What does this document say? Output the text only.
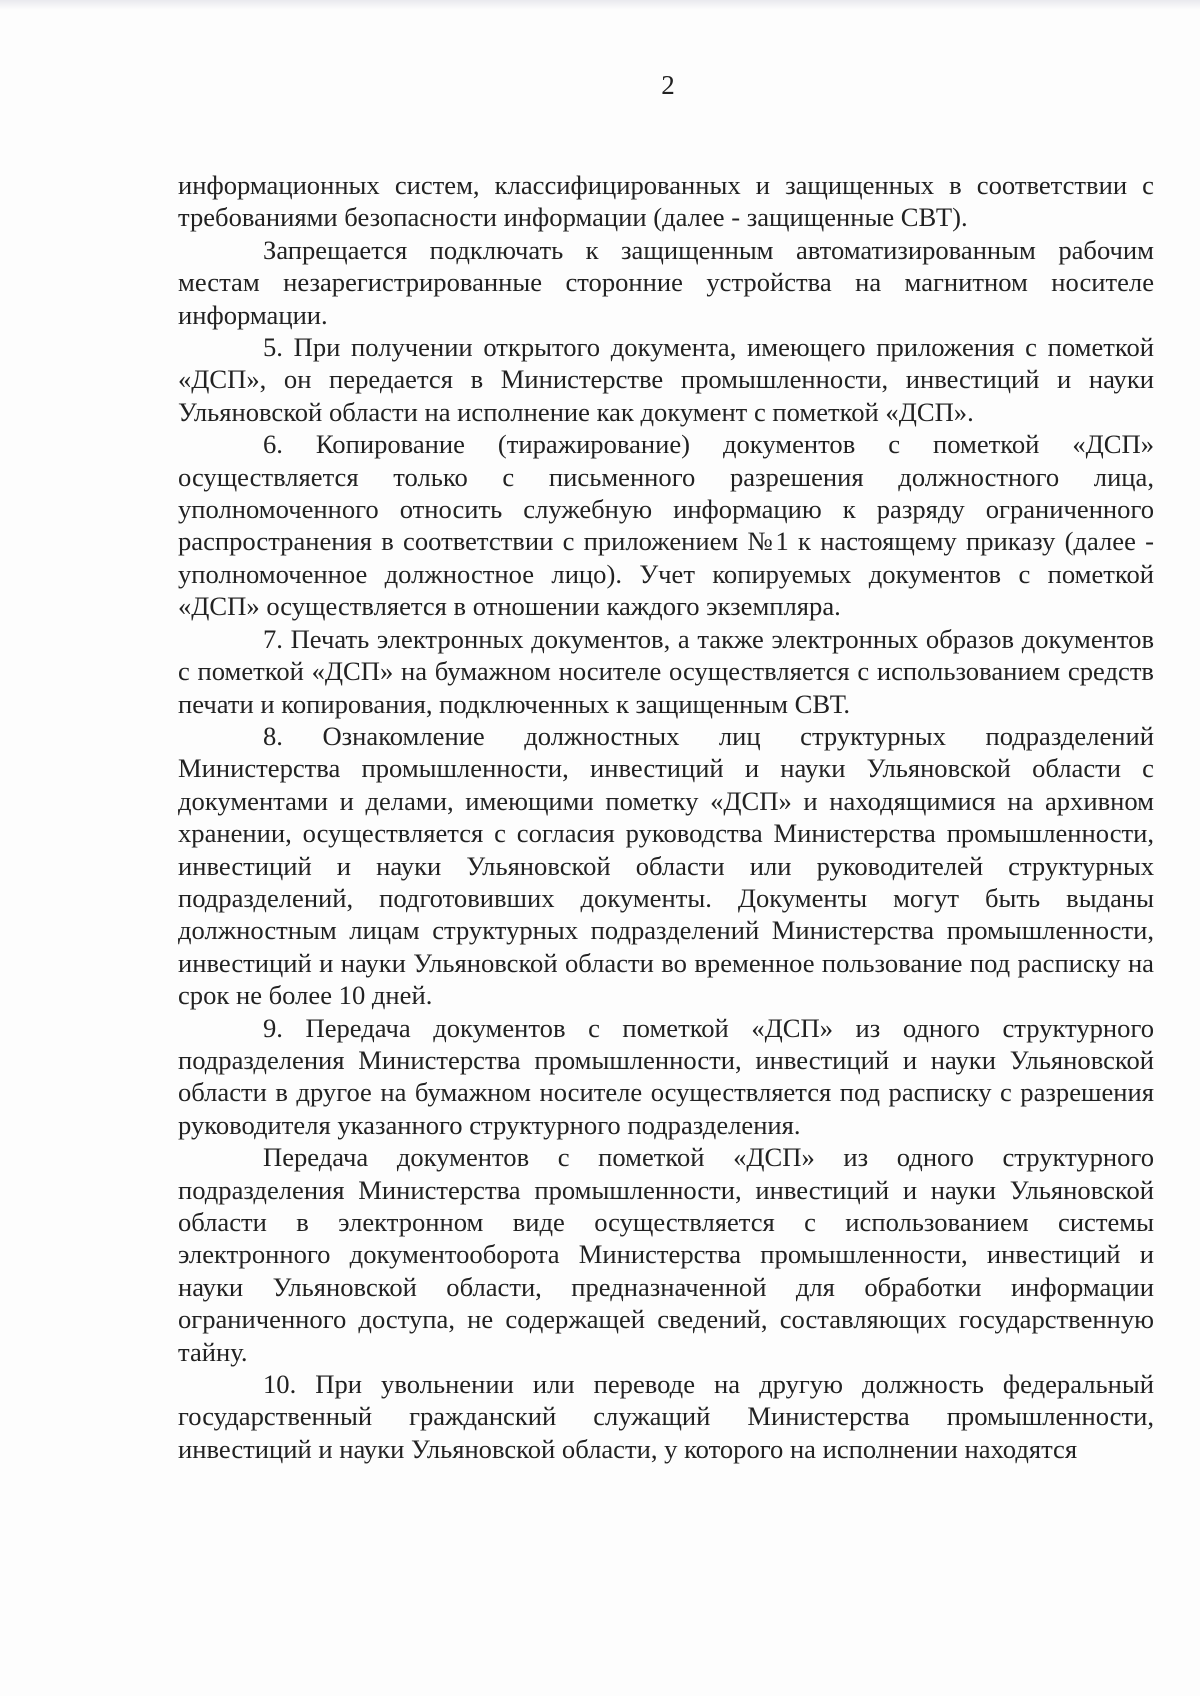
2

информационных систем, классифицированных и защищенных в соответствии с требованиями безопасности информации (далее - защищенные СВТ).

Запрещается подключать к защищенным автоматизированным рабочим местам незарегистрированные сторонние устройства на магнитном носителе информации.

5. При получении открытого документа, имеющего приложения с пометкой «ДСП», он передается в Министерстве промышленности, инвестиций и науки Ульяновской области на исполнение как документ с пометкой «ДСП».

6. Копирование (тиражирование) документов с пометкой «ДСП» осуществляется только с письменного разрешения должностного лица, уполномоченного относить служебную информацию к разряду ограниченного распространения в соответствии с приложением №1 к настоящему приказу (далее - уполномоченное должностное лицо). Учет копируемых документов с пометкой «ДСП» осуществляется в отношении каждого экземпляра.

7. Печать электронных документов, а также электронных образов документов с пометкой «ДСП» на бумажном носителе осуществляется с использованием средств печати и копирования, подключенных к защищенным СВТ.

8. Ознакомление должностных лиц структурных подразделений Министерства промышленности, инвестиций и науки Ульяновской области с документами и делами, имеющими пометку «ДСП» и находящимися на архивном хранении, осуществляется с согласия руководства Министерства промышленности, инвестиций и науки Ульяновской области или руководителей структурных подразделений, подготовивших документы. Документы могут быть выданы должностным лицам структурных подразделений Министерства промышленности, инвестиций и науки Ульяновской области во временное пользование под расписку на срок не более 10 дней.

9. Передача документов с пометкой «ДСП» из одного структурного подразделения Министерства промышленности, инвестиций и науки Ульяновской области в другое на бумажном носителе осуществляется под расписку с разрешения руководителя указанного структурного подразделения.

Передача документов с пометкой «ДСП» из одного структурного подразделения Министерства промышленности, инвестиций и науки Ульяновской области в электронном виде осуществляется с использованием системы электронного документооборота Министерства промышленности, инвестиций и науки Ульяновской области, предназначенной для обработки информации ограниченного доступа, не содержащей сведений, составляющих государственную тайну.

10. При увольнении или переводе на другую должность федеральный государственный гражданский служащий Министерства промышленности, инвестиций и науки Ульяновской области, у которого на исполнении находятся
